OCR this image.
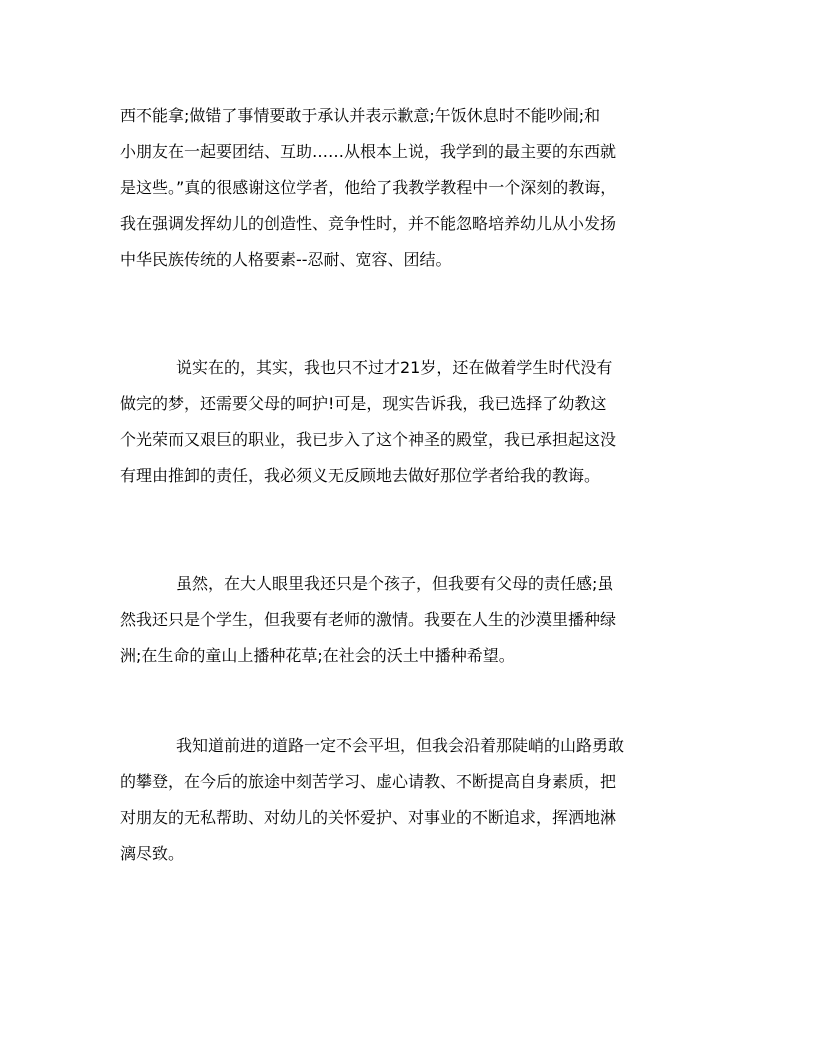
西不能拿;做错了事情要敢于承认并表示歉意;午饭休息时不能吵闹;和
小朋友在一起要团结、互助……从根本上说，我学到的最主要的东西就
是这些。”真的很感谢这位学者，他给了我教学教程中一个深刻的教诲，
我在强调发挥幼儿的创造性、竞争性时，并不能忽略培养幼儿从小发扬
中华民族传统的人格要素--忍耐、宽容、团结。
说实在的，其实，我也只不过才21岁，还在做着学生时代没有
做完的梦，还需要父母的呵护!可是，现实告诉我，我已选择了幼教这
个光荣而又艰巨的职业，我已步入了这个神圣的殿堂，我已承担起这没
有理由推卸的责任，我必须义无反顾地去做好那位学者给我的教诲。
虽然，在大人眼里我还只是个孩子，但我要有父母的责任感;虽
然我还只是个学生，但我要有老师的激情。我要在人生的沙漠里播种绿
洲;在生命的童山上播种花草;在社会的沃土中播种希望。
我知道前进的道路一定不会平坦，但我会沿着那陡峭的山路勇敢
的攀登，在今后的旅途中刻苦学习、虚心请教、不断提高自身素质，把
对朋友的无私帮助、对幼儿的关怀爱护、对事业的不断追求，挥洒地淋
漓尽致。
